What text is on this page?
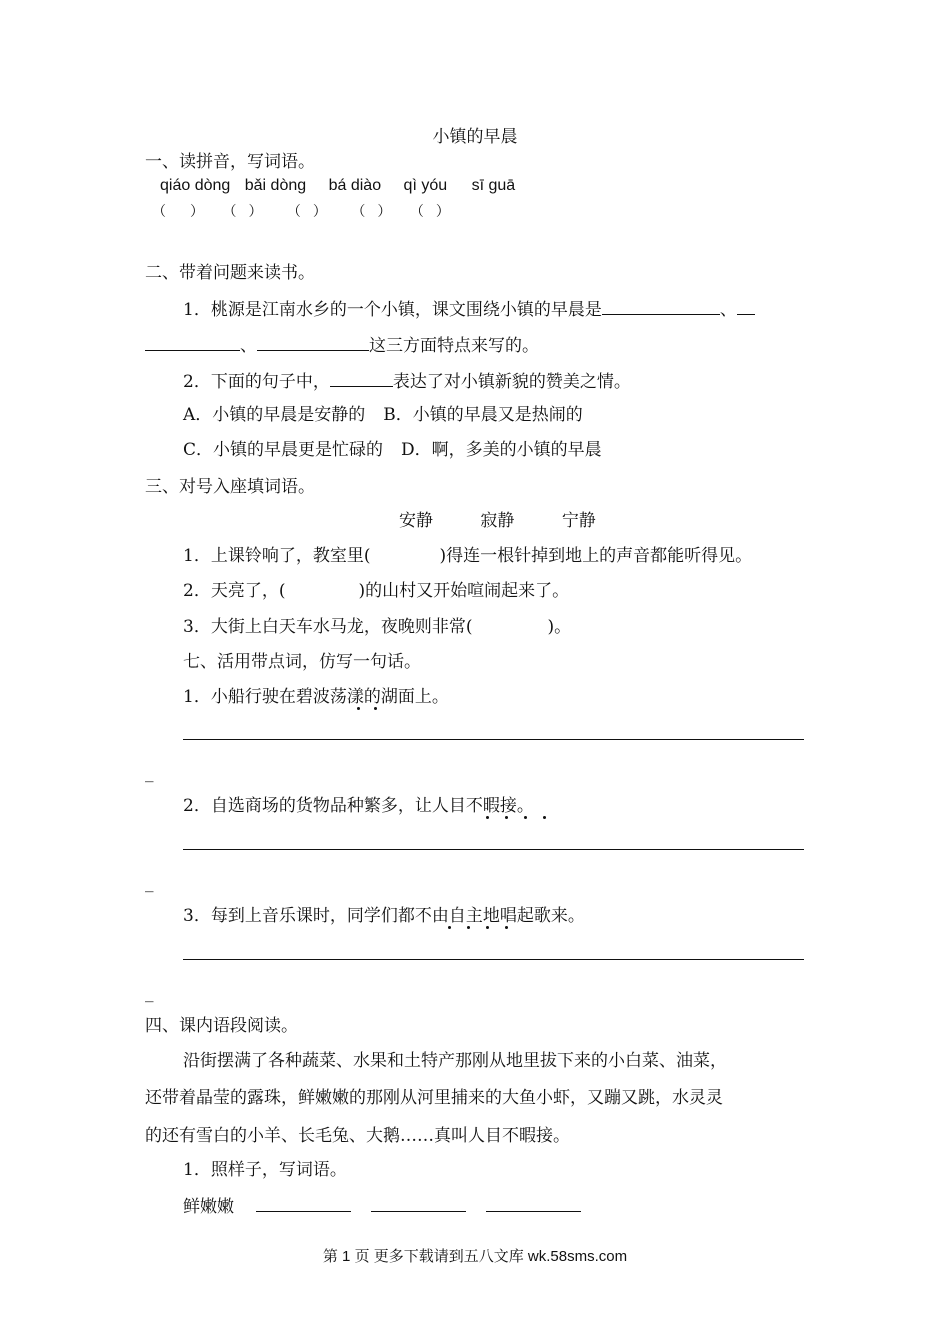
小镇的早晨
一、读拼音，写词语。
qiáo dòng bǎi dòng bá diào qì yóu sī guā
（ ） （ ） （ ） （ ） （ ）
二、带着问题来读书。
1．桃源是江南水乡的一个小镇，课文围绕小镇的早晨是	、
、	这三方面特点来写的。
2．下面的句子中，	表达了对小镇新貌的赞美之情。
A．小镇的早晨是安静的 B．小镇的早晨又是热闹的
C．小镇的早晨更是忙碌的 D．啊，多美的小镇的早晨
三、对号入座填词语。
安静	寂静	宁静
1．上课铃响了，教室里(	)得连一根针掉到地上的声音都能听得见。
2．天亮了，(	)的山村又开始喧闹起来了。
3．大街上白天车水马龙，夜晚则非常(	)。
七、活用带点词，仿写一句话。
1．小船行驶在碧波荡漾的湖面上。
_
2．自选商场的货物品种繁多，让人目不暇接。
_
3．每到上音乐课时，同学们都不由自主地唱起歌来。
_
四、课内语段阅读。
沿街摆满了各种蔬菜、水果和土特产那刚从地里拔下来的小白菜、油菜，
还带着晶莹的露珠，鲜嫩嫩的那刚从河里捕来的大鱼小虾，又蹦又跳，水灵灵
的还有雪白的小羊、长毛兔、大鹅……真叫人目不暇接。
1．照样子，写词语。
鲜嫩嫩
第 1 页 更多下载请到五八文库 wk.58sms.com
